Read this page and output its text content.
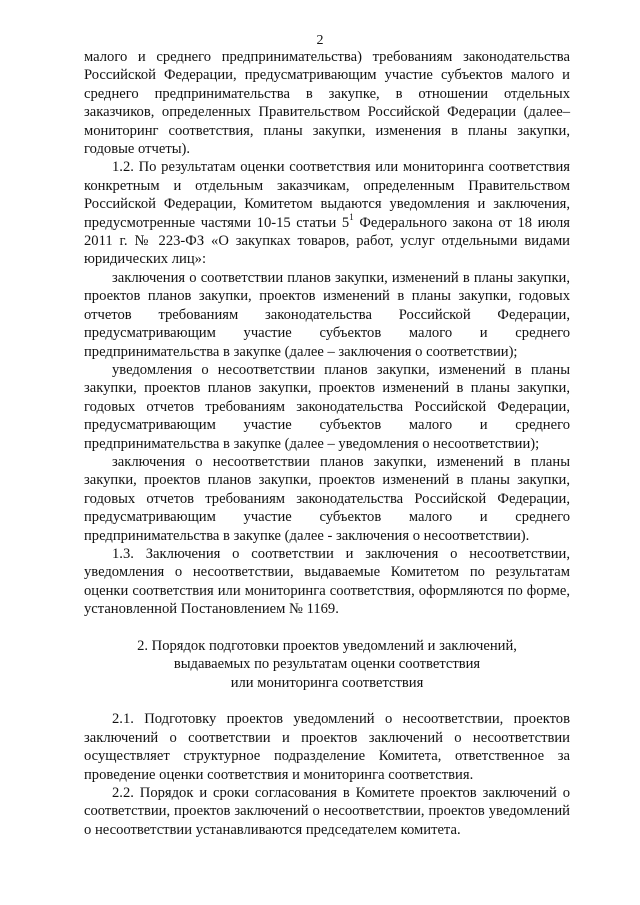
2

малого и среднего предпринимательства) требованиям законодательства Российской Федерации, предусматривающим участие субъектов малого и среднего предпринимательства в закупке, в отношении отдельных заказчиков, определенных Правительством Российской Федерации (далее– мониторинг соответствия, планы закупки, изменения в планы закупки, годовые отчеты).

1.2. По результатам оценки соответствия или мониторинга соответствия конкретным и отдельным заказчикам, определенным Правительством Российской Федерации, Комитетом выдаются уведомления и заключения, предусмотренные частями 10-15 статьи $5^1$ Федерального закона от 18 июля 2011 г. № 223-ФЗ «О закупках товаров, работ, услуг отдельными видами юридических лиц»:

заключения о соответствии планов закупки, изменений в планы закупки, проектов планов закупки, проектов изменений в планы закупки, годовых отчетов требованиям законодательства Российской Федерации, предусматривающим участие субъектов малого и среднего предпринимательства в закупке (далее – заключения о соответствии);

уведомления о несоответствии планов закупки, изменений в планы закупки, проектов планов закупки, проектов изменений в планы закупки, годовых отчетов требованиям законодательства Российской Федерации, предусматривающим участие субъектов малого и среднего предпринимательства в закупке (далее – уведомления о несоответствии);

заключения о несоответствии планов закупки, изменений в планы закупки, проектов планов закупки, проектов изменений в планы закупки, годовых отчетов требованиям законодательства Российской Федерации, предусматривающим участие субъектов малого и среднего предпринимательства в закупке (далее - заключения о несоответствии).

1.3. Заключения о соответствии и заключения о несоответствии, уведомления о несоответствии, выдаваемые Комитетом по результатам оценки соответствия или мониторинга соответствия, оформляются по форме, установленной Постановлением № 1169.

2. Порядок подготовки проектов уведомлений и заключений,
выдаваемых по результатам оценки соответствия
или мониторинга соответствия

2.1. Подготовку проектов уведомлений о несоответствии, проектов заключений о соответствии и проектов заключений о несоответствии осуществляет структурное подразделение Комитета, ответственное за проведение оценки соответствия и мониторинга соответствия.

2.2. Порядок и сроки согласования в Комитете проектов заключений о соответствии, проектов заключений о несоответствии, проектов уведомлений о несоответствии устанавливаются председателем комитета.
